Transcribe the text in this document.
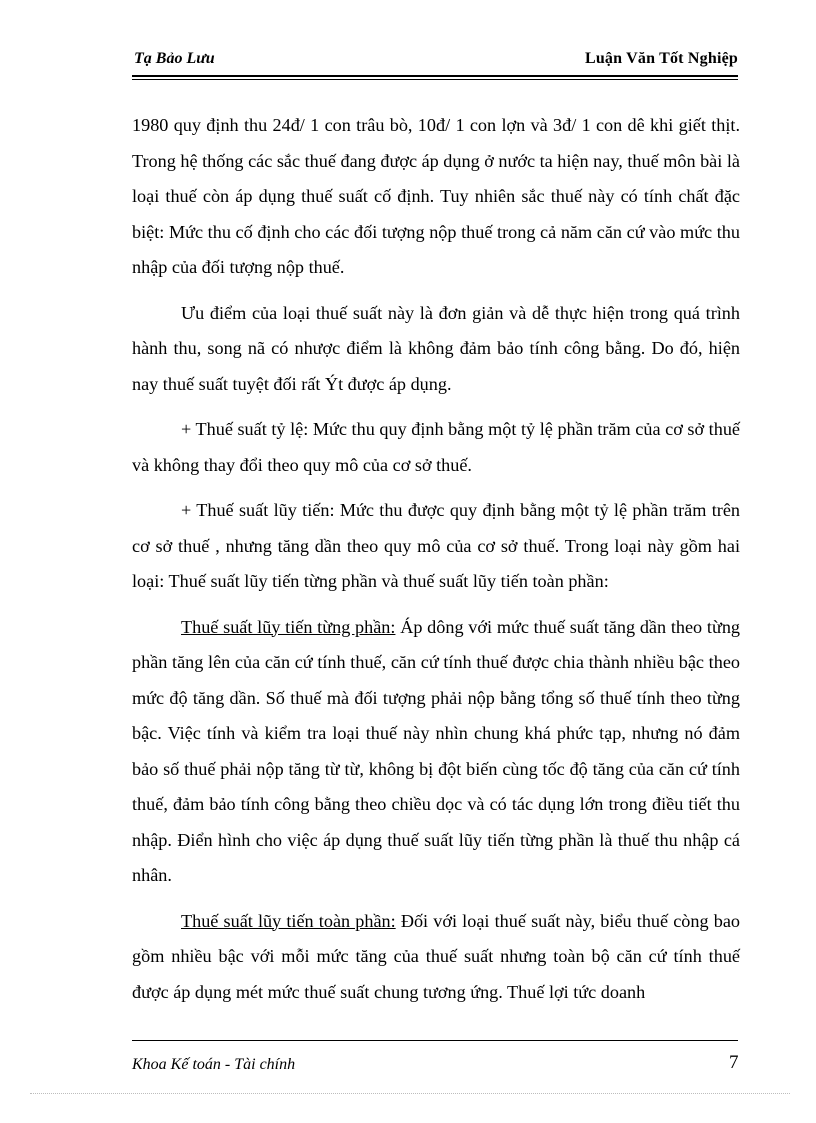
Tạ Bảo Lưu	Luận Văn Tốt Nghiệp

1980 quy định thu 24đ/ 1 con trâu bò, 10đ/ 1 con lợn và 3đ/ 1 con dê khi giết thịt. Trong hệ thống các sắc thuế đang được áp dụng ở nước ta hiện nay, thuế môn bài là loại thuế còn áp dụng thuế suất cố định. Tuy nhiên sắc thuế này có tính chất đặc biệt: Mức thu cố định cho các đối tượng nộp thuế trong cả năm căn cứ vào mức thu nhập của đối tượng nộp thuế.

Ưu điểm của loại thuế suất này là đơn giản và dễ thực hiện trong quá trình hành thu, song nã có nhược điểm là không đảm bảo tính công bằng. Do đó, hiện nay thuế suất tuyệt đối rất Ýt được áp dụng.

+ Thuế suất tỷ lệ: Mức thu quy định bằng một tỷ lệ phần trăm của cơ sở thuế và không thay đổi theo quy mô của cơ sở thuế.

+ Thuế suất lũy tiến: Mức thu được quy định bằng một tỷ lệ phần trăm trên cơ sở thuế , nhưng tăng dần theo quy mô của cơ sở thuế. Trong loại này gồm hai loại: Thuế suất lũy tiến từng phần và thuế suất lũy tiến toàn phần:

Thuế suất lũy tiến từng phần: Áp dông với mức thuế suất tăng dần theo từng phần tăng lên của căn cứ tính thuế, căn cứ tính thuế được chia thành nhiều bậc theo mức độ tăng dần. Số thuế mà đối tượng phải nộp bằng tổng số thuế tính theo từng bậc. Việc tính và kiểm tra loại thuế này nhìn chung khá phức tạp, nhưng nó đảm bảo số thuế phải nộp tăng từ từ, không bị đột biến cùng tốc độ tăng của căn cứ tính thuế, đảm bảo tính công bằng theo chiều dọc và có tác dụng lớn trong điều tiết thu nhập. Điển hình cho việc áp dụng thuế suất lũy tiến từng phần là thuế thu nhập cá nhân.

Thuế suất lũy tiến toàn phần: Đối với loại thuế suất này, biểu thuế còng bao gồm nhiều bậc với mỗi mức tăng của thuế suất nhưng toàn bộ căn cứ tính thuế được áp dụng mét mức thuế suất chung tương ứng. Thuế lợi tức doanh

Khoa Kế toán - Tài chính	7
